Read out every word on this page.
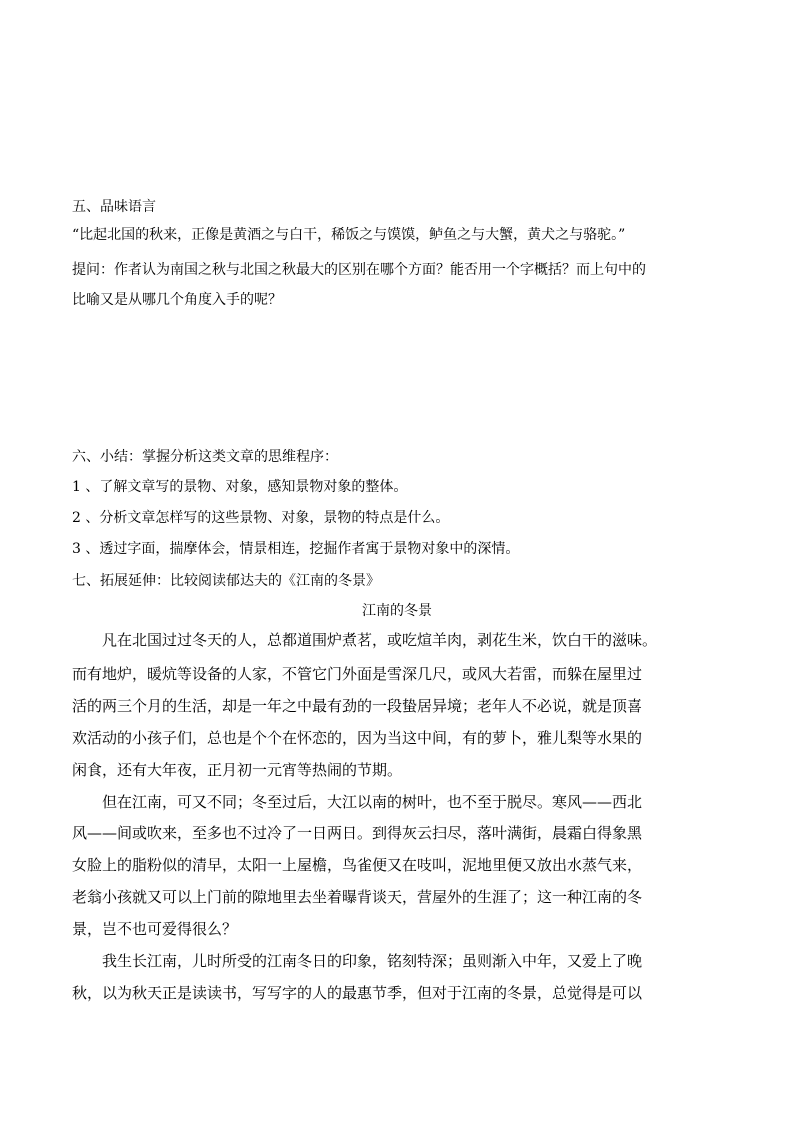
五、品味语言
“比起北国的秋来，正像是黄酒之与白干，稀饭之与馍馍，鲈鱼之与大蟹，黄犬之与骆驼。”
提问：作者认为南国之秋与北国之秋最大的区别在哪个方面？能否用一个字概括？而上句中的
比喻又是从哪几个角度入手的呢？
六、小结：掌握分析这类文章的思维程序：
1 、了解文章写的景物、对象，感知景物对象的整体。
2 、分析文章怎样写的这些景物、对象，景物的特点是什么。
3 、透过字面，揣摩体会，情景相连，挖掘作者寓于景物对象中的深情。
七、拓展延伸：比较阅读郁达夫的《江南的冬景》
江南的冬景
凡在北国过过冬天的人，总都道围炉煮茗，或吃煊羊肉，剥花生米，饮白干的滋味。
而有地炉，暖炕等设备的人家，不管它门外面是雪深几尺，或风大若雷，而躲在屋里过
活的两三个月的生活，却是一年之中最有劲的一段蛰居异境；老年人不必说，就是顶喜
欢活动的小孩子们，总也是个个在怀恋的，因为当这中间，有的萝卜，雅儿梨等水果的
闲食，还有大年夜，正月初一元宵等热闹的节期。
但在江南，可又不同；冬至过后，大江以南的树叶，也不至于脱尽。寒风——西北
风——间或吹来，至多也不过冷了一日两日。到得灰云扫尽，落叶满街，晨霜白得象黑
女脸上的脂粉似的清早，太阳一上屋檐，鸟雀便又在吱叫，泥地里便又放出水蒸气来，
老翁小孩就又可以上门前的隙地里去坐着曝背谈天，营屋外的生涯了；这一种江南的冬
景，岂不也可爱得很么？
我生长江南，儿时所受的江南冬日的印象，铭刻特深；虽则渐入中年，又爱上了晚
秋，以为秋天正是读读书，写写字的人的最惠节季，但对于江南的冬景，总觉得是可以
